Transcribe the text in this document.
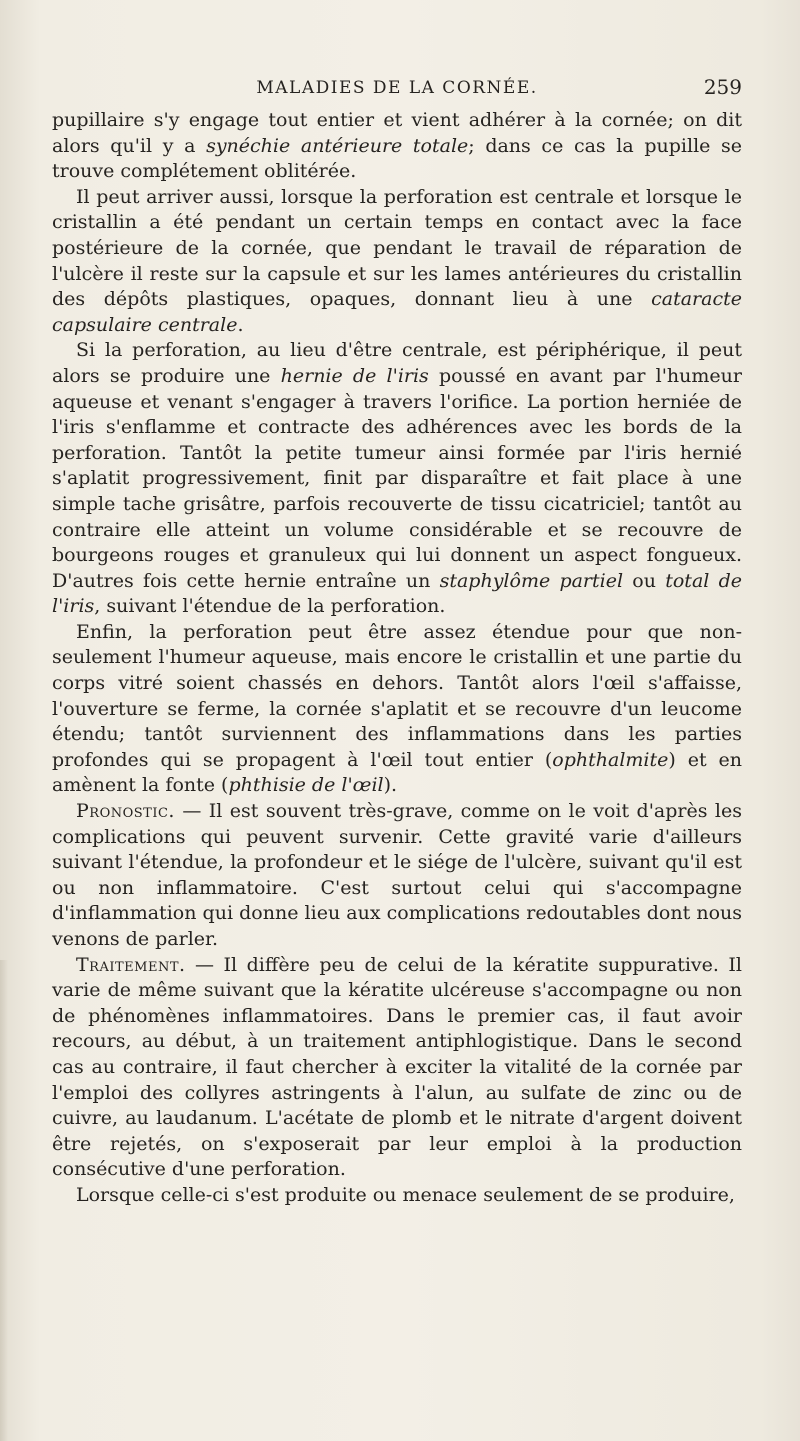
MALADIES DE LA CORNÉE.	259

pupillaire s'y engage tout entier et vient adhérer à la cornée; on dit alors qu'il y a synéchie antérieure totale; dans ce cas la pupille se trouve complétement oblitérée.

Il peut arriver aussi, lorsque la perforation est centrale et lorsque le cristallin a été pendant un certain temps en contact avec la face postérieure de la cornée, que pendant le travail de réparation de l'ulcère il reste sur la capsule et sur les lames antérieures du cristallin des dépôts plastiques, opaques, donnant lieu à une cataracte capsulaire centrale.

Si la perforation, au lieu d'être centrale, est périphérique, il peut alors se produire une hernie de l'iris poussé en avant par l'humeur aqueuse et venant s'engager à travers l'orifice. La portion herniée de l'iris s'enflamme et contracte des adhérences avec les bords de la perforation. Tantôt la petite tumeur ainsi formée par l'iris hernié s'aplatit progressivement, finit par disparaître et fait place à une simple tache grisâtre, parfois recouverte de tissu cicatriciel; tantôt au contraire elle atteint un volume considérable et se recouvre de bourgeons rouges et granuleux qui lui donnent un aspect fongueux. D'autres fois cette hernie entraîne un staphylôme partiel ou total de l'iris, suivant l'étendue de la perforation.

Enfin, la perforation peut être assez étendue pour que non-seulement l'humeur aqueuse, mais encore le cristallin et une partie du corps vitré soient chassés en dehors. Tantôt alors l'œil s'affaisse, l'ouverture se ferme, la cornée s'aplatit et se recouvre d'un leucome étendu; tantôt surviennent des inflammations dans les parties profondes qui se propagent à l'œil tout entier (ophthalmite) et en amènent la fonte (phthisie de l'œil).

Pronostic. — Il est souvent très-grave, comme on le voit d'après les complications qui peuvent survenir. Cette gravité varie d'ailleurs suivant l'étendue, la profondeur et le siége de l'ulcère, suivant qu'il est ou non inflammatoire. C'est surtout celui qui s'accompagne d'inflammation qui donne lieu aux complications redoutables dont nous venons de parler.

Traitement. — Il diffère peu de celui de la kératite suppurative. Il varie de même suivant que la kératite ulcéreuse s'accompagne ou non de phénomènes inflammatoires. Dans le premier cas, il faut avoir recours, au début, à un traitement antiphlogistique. Dans le second cas au contraire, il faut chercher à exciter la vitalité de la cornée par l'emploi des collyres astringents à l'alun, au sulfate de zinc ou de cuivre, au laudanum. L'acétate de plomb et le nitrate d'argent doivent être rejetés, on s'exposerait par leur emploi à la production consécutive d'une perforation.

Lorsque celle-ci s'est produite ou menace seulement de se produire,
